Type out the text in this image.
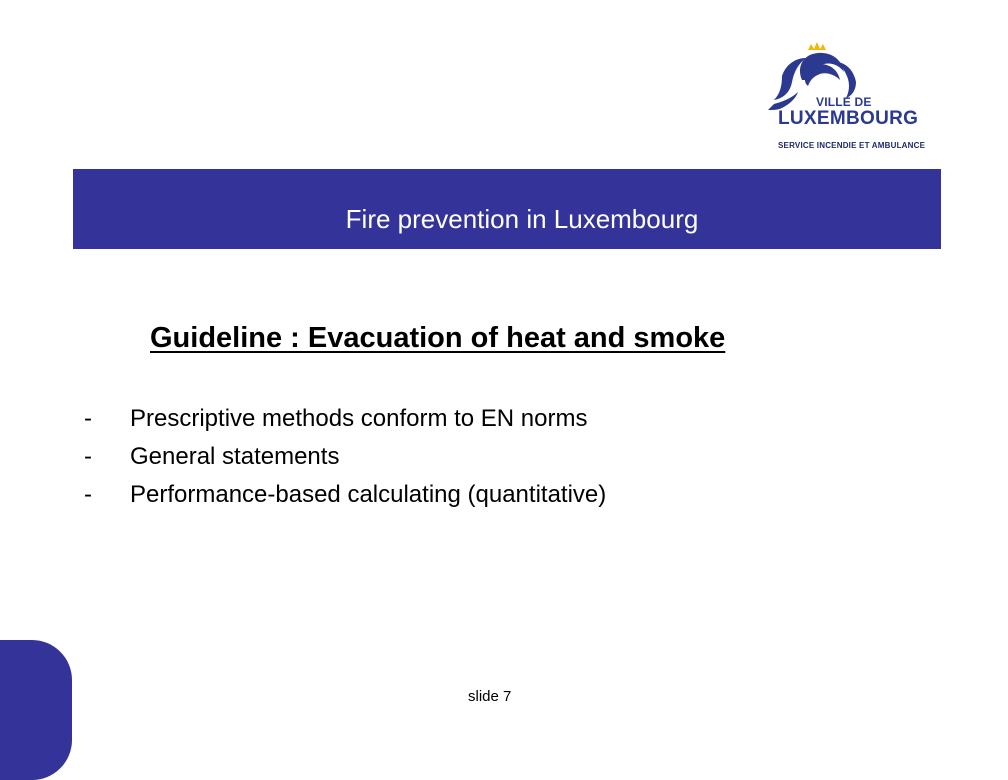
VILLE DE
LUXEMBOURG
SERVICE INCENDIE ET AMBULANCE
Fire prevention in Luxembourg
Guideline : Evacuation of heat and smoke
-	Prescriptive methods conform to EN norms
-	General statements
-	Performance-based calculating (quantitative)
slide 7
